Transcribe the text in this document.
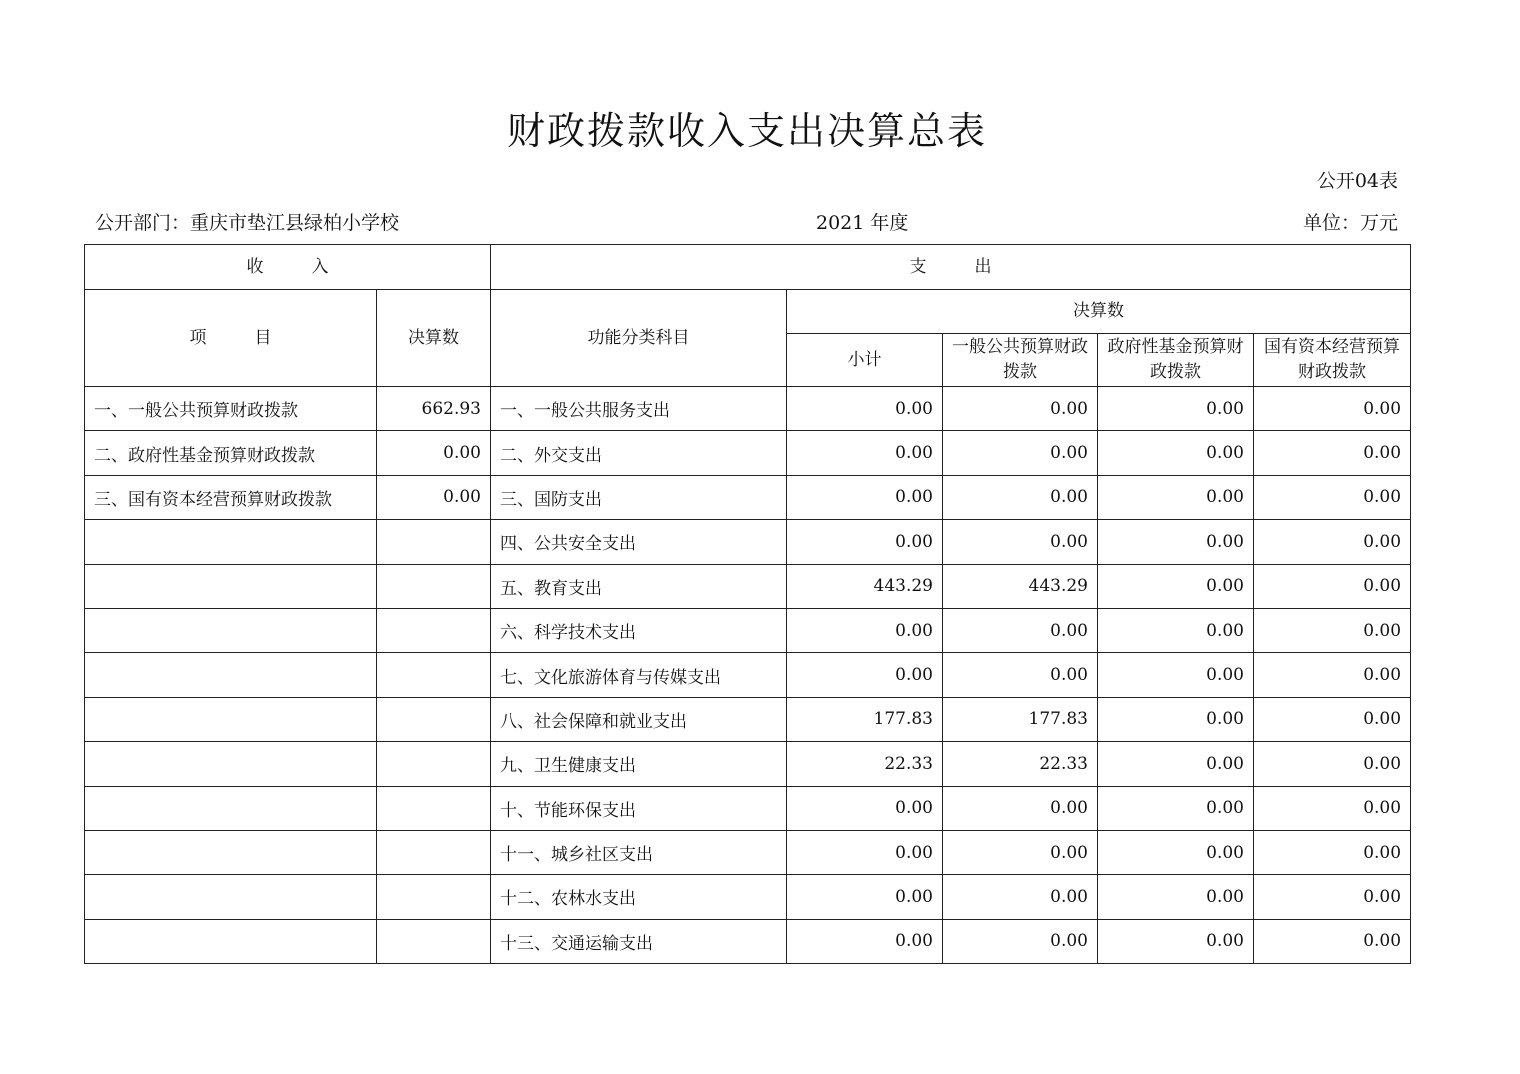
财政拨款收入支出决算总表
公开04表
公开部门：重庆市垫江县绿柏小学校	2021 年度	单位：万元
收 入		支 出				
项 目	决算数	功能分类科目	决算数			
			小计	一般公共预算财政拨款	政府性基金预算财政拨款	国有资本经营预算财政拨款
一、一般公共预算财政拨款	662.93	一、一般公共服务支出	0.00	0.00	0.00	0.00
二、政府性基金预算财政拨款	0.00	二、外交支出	0.00	0.00	0.00	0.00
三、国有资本经营预算财政拨款	0.00	三、国防支出	0.00	0.00	0.00	0.00
		四、公共安全支出	0.00	0.00	0.00	0.00
		五、教育支出	443.29	443.29	0.00	0.00
		六、科学技术支出	0.00	0.00	0.00	0.00
		七、文化旅游体育与传媒支出	0.00	0.00	0.00	0.00
		八、社会保障和就业支出	177.83	177.83	0.00	0.00
		九、卫生健康支出	22.33	22.33	0.00	0.00
		十、节能环保支出	0.00	0.00	0.00	0.00
		十一、城乡社区支出	0.00	0.00	0.00	0.00
		十二、农林水支出	0.00	0.00	0.00	0.00
		十三、交通运输支出	0.00	0.00	0.00	0.00
